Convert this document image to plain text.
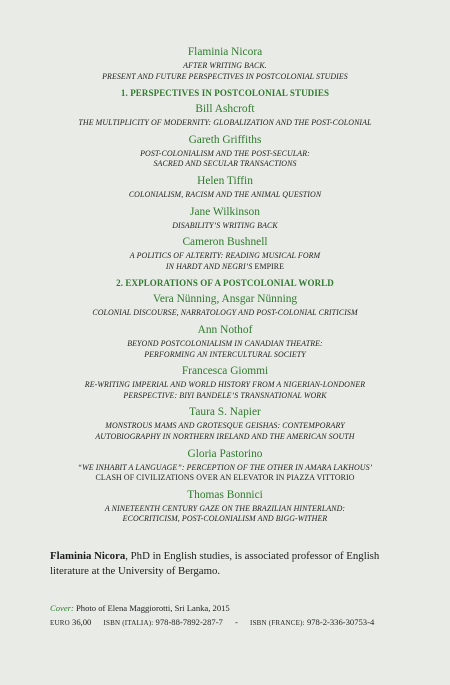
Flaminia Nicora
AFTER WRITING BACK.
PRESENT AND FUTURE PERSPECTIVES IN POSTCOLONIAL STUDIES
1. PERSPECTIVES IN POSTCOLONIAL STUDIES
Bill Ashcroft
THE MULTIPLICITY OF MODERNITY: GLOBALIZATION AND THE POST-COLONIAL
Gareth Griffiths
POST-COLONIALISM AND THE POST-SECULAR:
SACRED AND SECULAR TRANSACTIONS
Helen Tiffin
COLONIALISM, RACISM AND THE ANIMAL QUESTION
Jane Wilkinson
DISABILITY’S WRITING BACK
Cameron Bushnell
A POLITICS OF ALTERITY: READING MUSICAL FORM
IN HARDT AND NEGRI’S EMPIRE
2. EXPLORATIONS OF A POSTCOLONIAL WORLD
Vera Nünning, Ansgar Nünning
COLONIAL DISCOURSE, NARRATOLOGY AND POST-COLONIAL CRITICISM
Ann Nothof
BEYOND POSTCOLONIALISM IN CANADIAN THEATRE:
PERFORMING AN INTERCULTURAL SOCIETY
Francesca Giommi
RE-WRITING IMPERIAL AND WORLD HISTORY FROM A NIGERIAN-LONDONER
PERSPECTIVE: BIYI BANDELE’S TRANSNATIONAL WORK
Taura S. Napier
MONSTROUS MAMS AND GROTESQUE GEISHAS: CONTEMPORARY
AUTOBIOGRAPHY IN NORTHERN IRELAND AND THE AMERICAN SOUTH
Gloria Pastorino
“WE INHABIT A LANGUAGE”: PERCEPTION OF THE OTHER IN AMARA LAKHOUS’
CLASH OF CIVILIZATIONS OVER AN ELEVATOR IN PIAZZA VITTORIO
Thomas Bonnici
A NINETEENTH CENTURY GAZE ON THE BRAZILIAN HINTERLAND:
ECOCRITICISM, POST-COLONIALISM AND BIGG-WITHER
Flaminia Nicora, PhD in English studies, is associated professor of English literature at the University of Bergamo.
Cover: Photo of Elena Maggiorotti, Sri Lanka, 2015
EURO 36,00 ISBN (ITALIA): 978-88-7892-287-7 - ISBN (FRANCE): 978-2-336-30753-4
